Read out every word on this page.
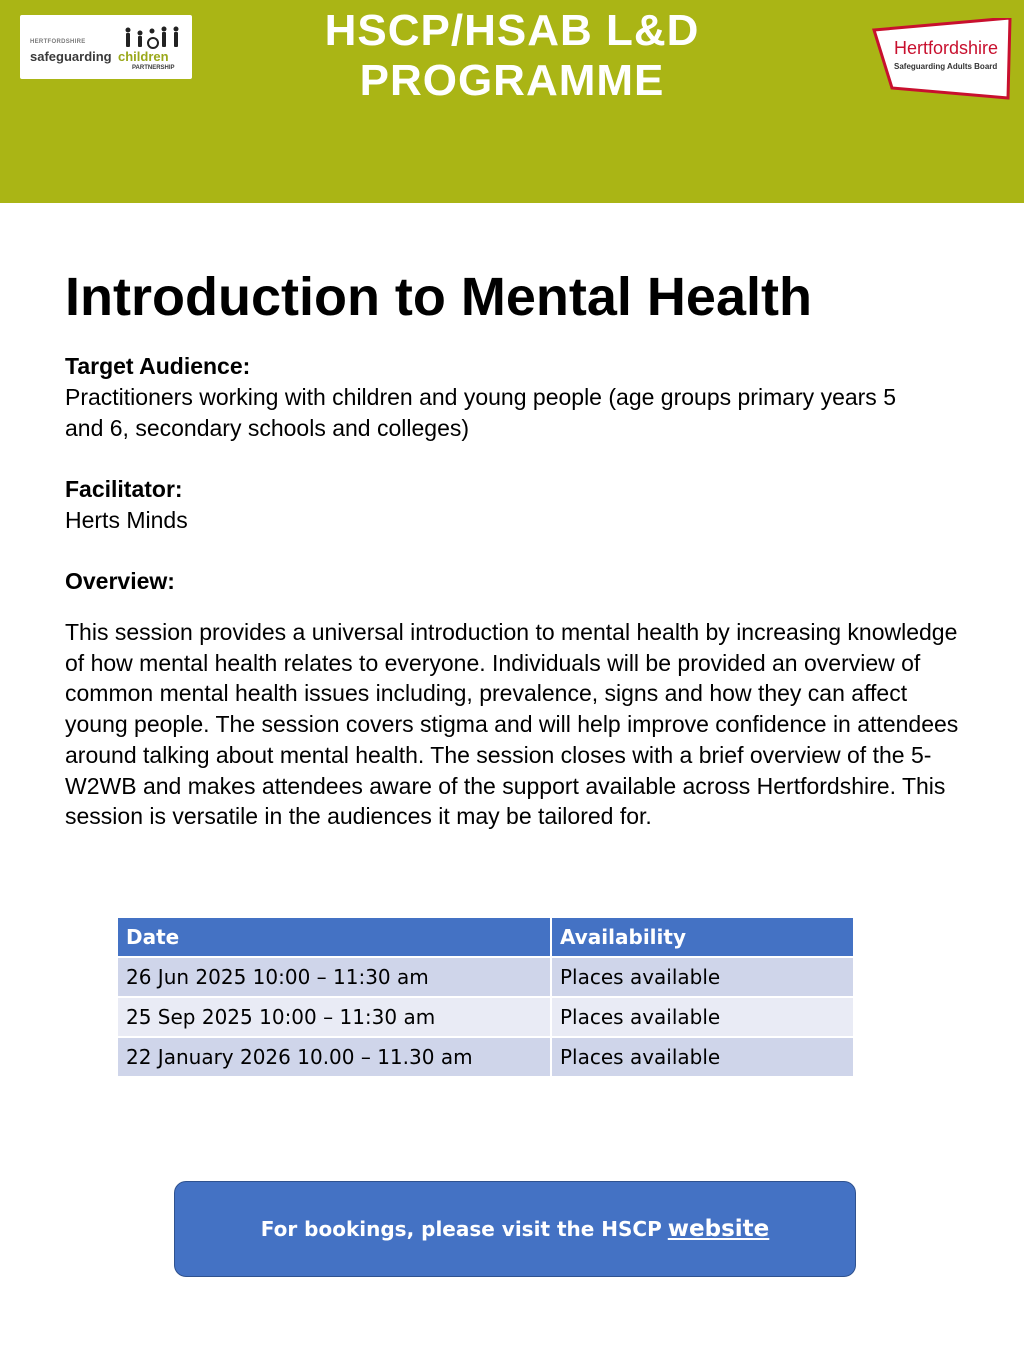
HERTFORDSHIRE
safeguarding children
PARTNERSHIP
HSCP/HSAB L&D PROGRAMME
Hertfordshire
Safeguarding Adults Board
Introduction to Mental Health
Target Audience:
Practitioners working with children and young people (age groups primary years 5 and 6, secondary schools and colleges)
Facilitator:
Herts Minds
Overview:
This session provides a universal introduction to mental health by increasing knowledge of how mental health relates to everyone. Individuals will be provided an overview of common mental health issues including, prevalence, signs and how they can affect young people. The session covers stigma and will help improve confidence in attendees around talking about mental health. The session closes with a brief overview of the 5-W2WB and makes attendees aware of the support available across Hertfordshire. This session is versatile in the audiences it may be tailored for.
Date	Availability
26 Jun 2025 10:00 – 11:30 am	Places available
25 Sep 2025 10:00 – 11:30 am	Places available
22 January 2026 10.00 – 11.30 am	Places available
For bookings, please visit the HSCP website
